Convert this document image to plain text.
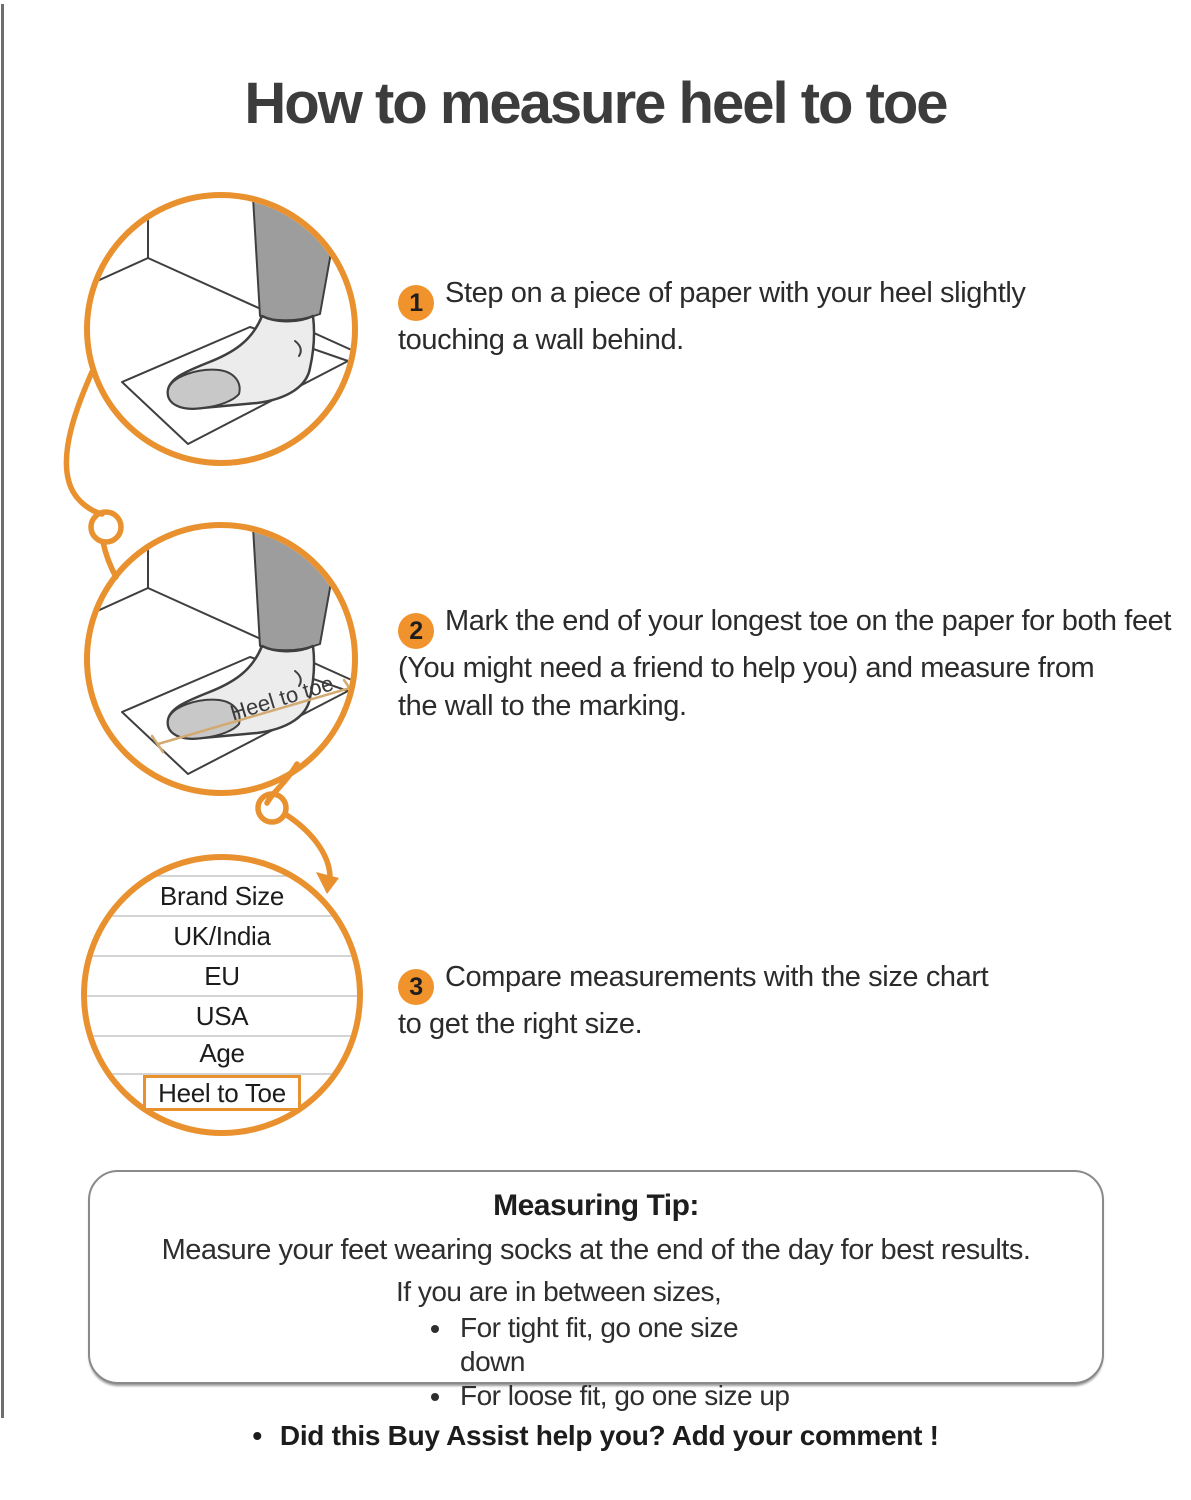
How to measure heel to toe
1 Step on a piece of paper with your heel slightly
touching a wall behind.
2 Mark the end of your longest toe on the paper for both feet
(You might need a friend to help you) and measure from
the wall to the marking.
3 Compare measurements with the size chart
to get the right size.
Heel to toe
Brand Size
UK/India
EU
USA
Age
Heel to Toe
Measuring Tip:
Measure your feet wearing socks at the end of the day for best results.
If you are in between sizes,
• For tight fit, go one size down
• For loose fit, go one size up
• Did this Buy Assist help you? Add your comment !
